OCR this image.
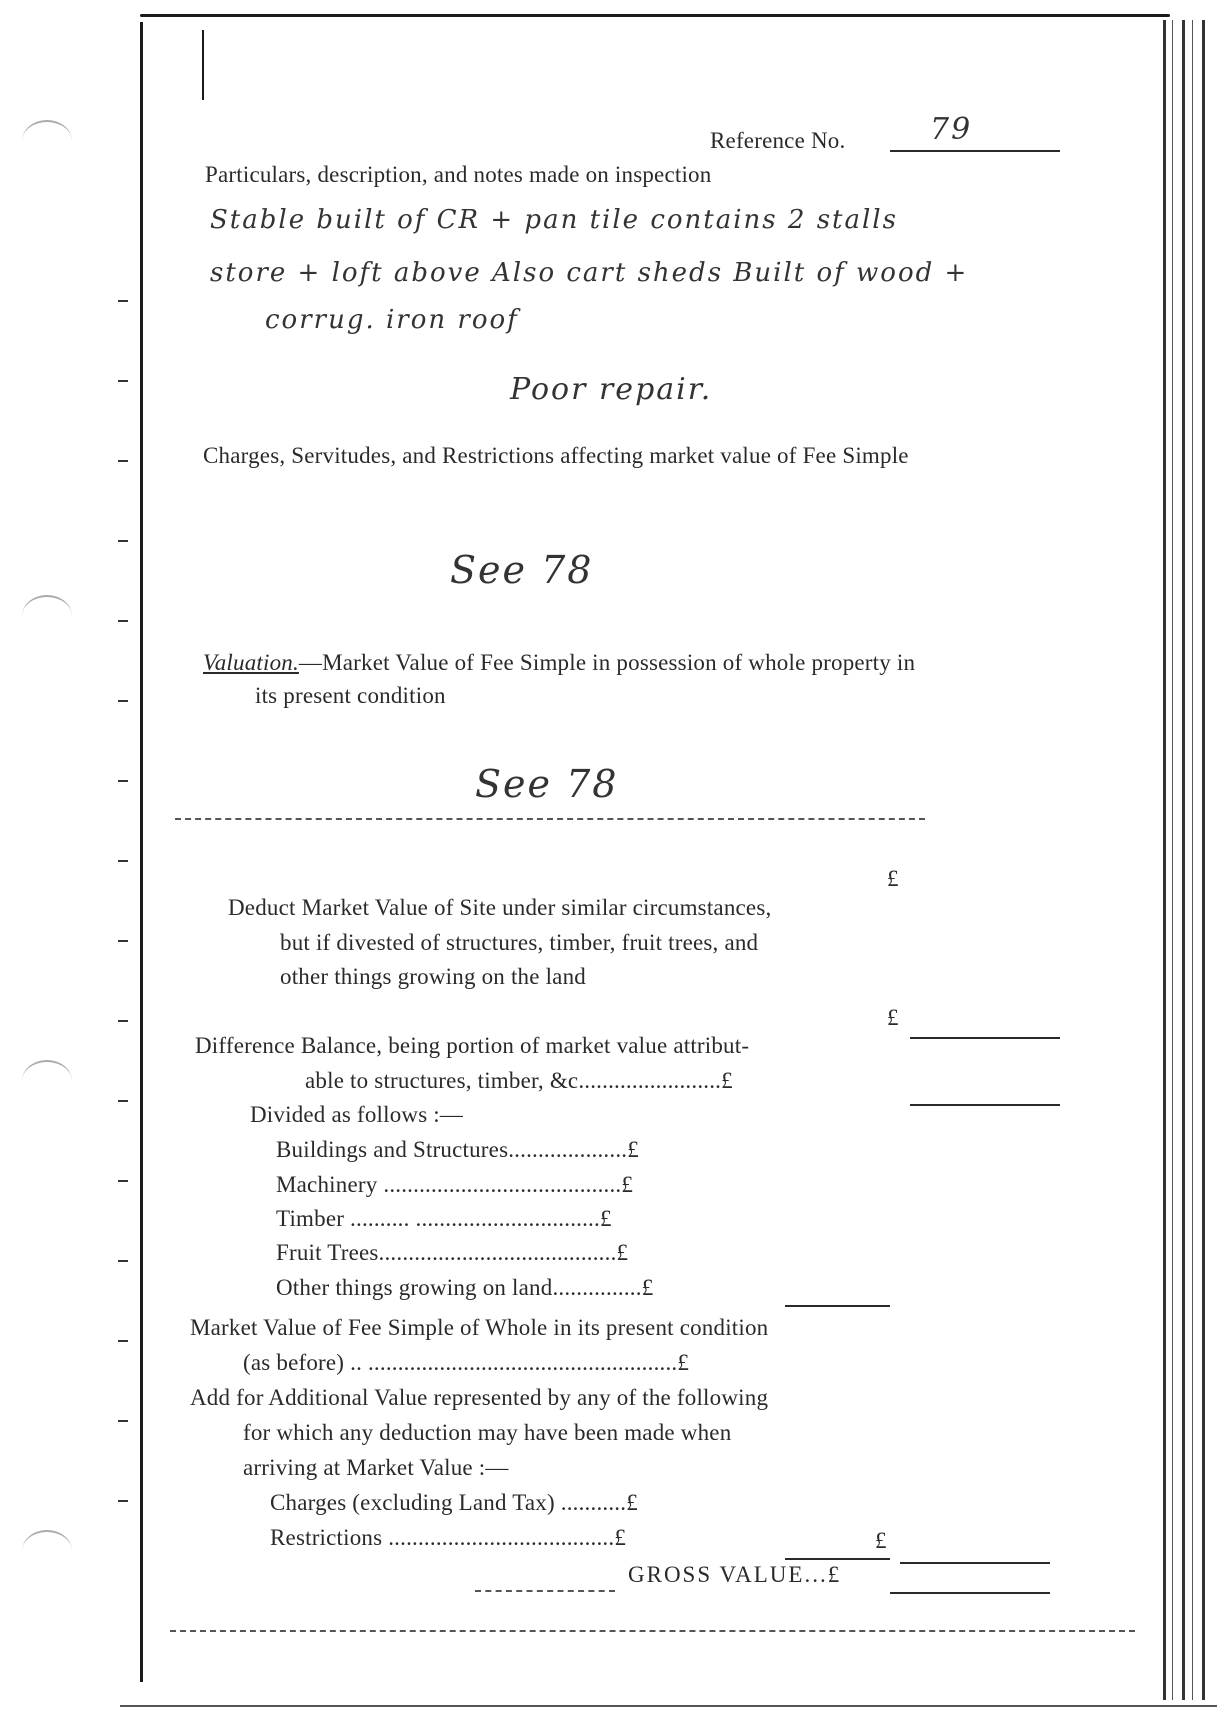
Reference No.	79
Particulars, description, and notes made on inspection
Stable built of CR + pan tile contains 2 stalls
store + loft above Also cart sheds Built of wood +
corrug. iron roof
Poor repair.
Charges, Servitudes, and Restrictions affecting market value of Fee Simple
See 78
Valuation.—Market Value of Fee Simple in possession of whole property in
its present condition
See 78
£
Deduct Market Value of Site under similar circumstances,
but if divested of structures, timber, fruit trees, and
other things growing on the land
£
Difference Balance, being portion of market value attribut-
able to structures, timber, &c........................£
Divided as follows :—
Buildings and Structures....................£
Machinery ........................................£
Timber .......... ...............................£
Fruit Trees........................................£
Other things growing on land...............£
Market Value of Fee Simple of Whole in its present condition
(as before) .. ....................................................£
Add for Additional Value represented by any of the following
for which any deduction may have been made when
arriving at Market Value :—
Charges (excluding Land Tax) ...........£
Restrictions ......................................£	£
GROSS VALUE...£
